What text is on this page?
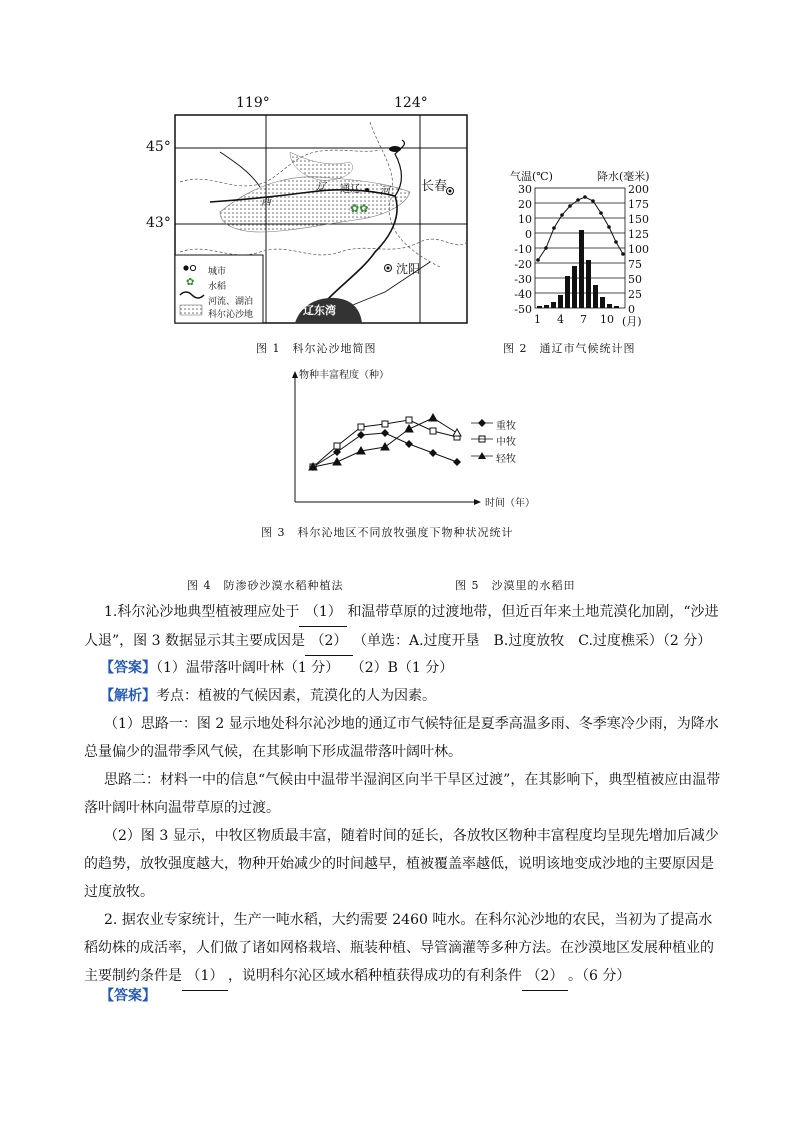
✿
✿✿
119°	124°
45°
43°
长春
通辽
沈阳
西
辽	河
辽东湾
城市
水稻
河流、湖泊
科尔沁沙地
图 1　科尔沁沙地简图
气温(℃)	降水(毫米)
30
20
10
0
-10
-20
-30
-40
-50
200
175
150
125
100
75
50
25
0
1 4 7 10 (月)
图 2　通辽市气候统计图
物种丰富程度（种）
时间（年）
重牧
中牧
轻牧
图 3　科尔沁地区不同放牧强度下物种状况统计
图 4　防渗砂沙漠水稻种植法	图 5　沙漠里的水稻田
1.科尔沁沙地典型植被理应处于 （1） 和温带草原的过渡地带，但近百年来土地荒漠化加剧，“沙进
人退”，图 3 数据显示其主要成因是 （2） （单选：A.过度开垦　B.过度放牧　C.过度樵采）（2 分）
【答案】（1）温带落叶阔叶林（1 分）　 （2）B（1 分）
【解析】考点：植被的气候因素，荒漠化的人为因素。
（1）思路一：图 2 显示地处科尔沁沙地的通辽市气候特征是夏季高温多雨、冬季寒冷少雨，为降水总量偏少的温带季风气候，在其影响下形成温带落叶阔叶林。
思路二：材料一中的信息“气候由中温带半湿润区向半干旱区过渡”，在其影响下，典型植被应由温带落叶阔叶林向温带草原的过渡。
（2）图 3 显示，中牧区物质最丰富，随着时间的延长，各放牧区物种丰富程度均呈现先增加后减少的趋势，放牧强度越大，物种开始减少的时间越早，植被覆盖率越低，说明该地变成沙地的主要原因是过度放牧。
2. 据农业专家统计，生产一吨水稻，大约需要 2460 吨水。在科尔沁沙地的农民，当初为了提高水稻幼株的成活率，人们做了诸如网格栽培、瓶装种植、导管滴灌等多种方法。在沙漠地区发展种植业的主要制约条件是 （1） ，说明科尔沁区域水稻种植获得成功的有利条件 （2） 。（6 分）
【答案】
